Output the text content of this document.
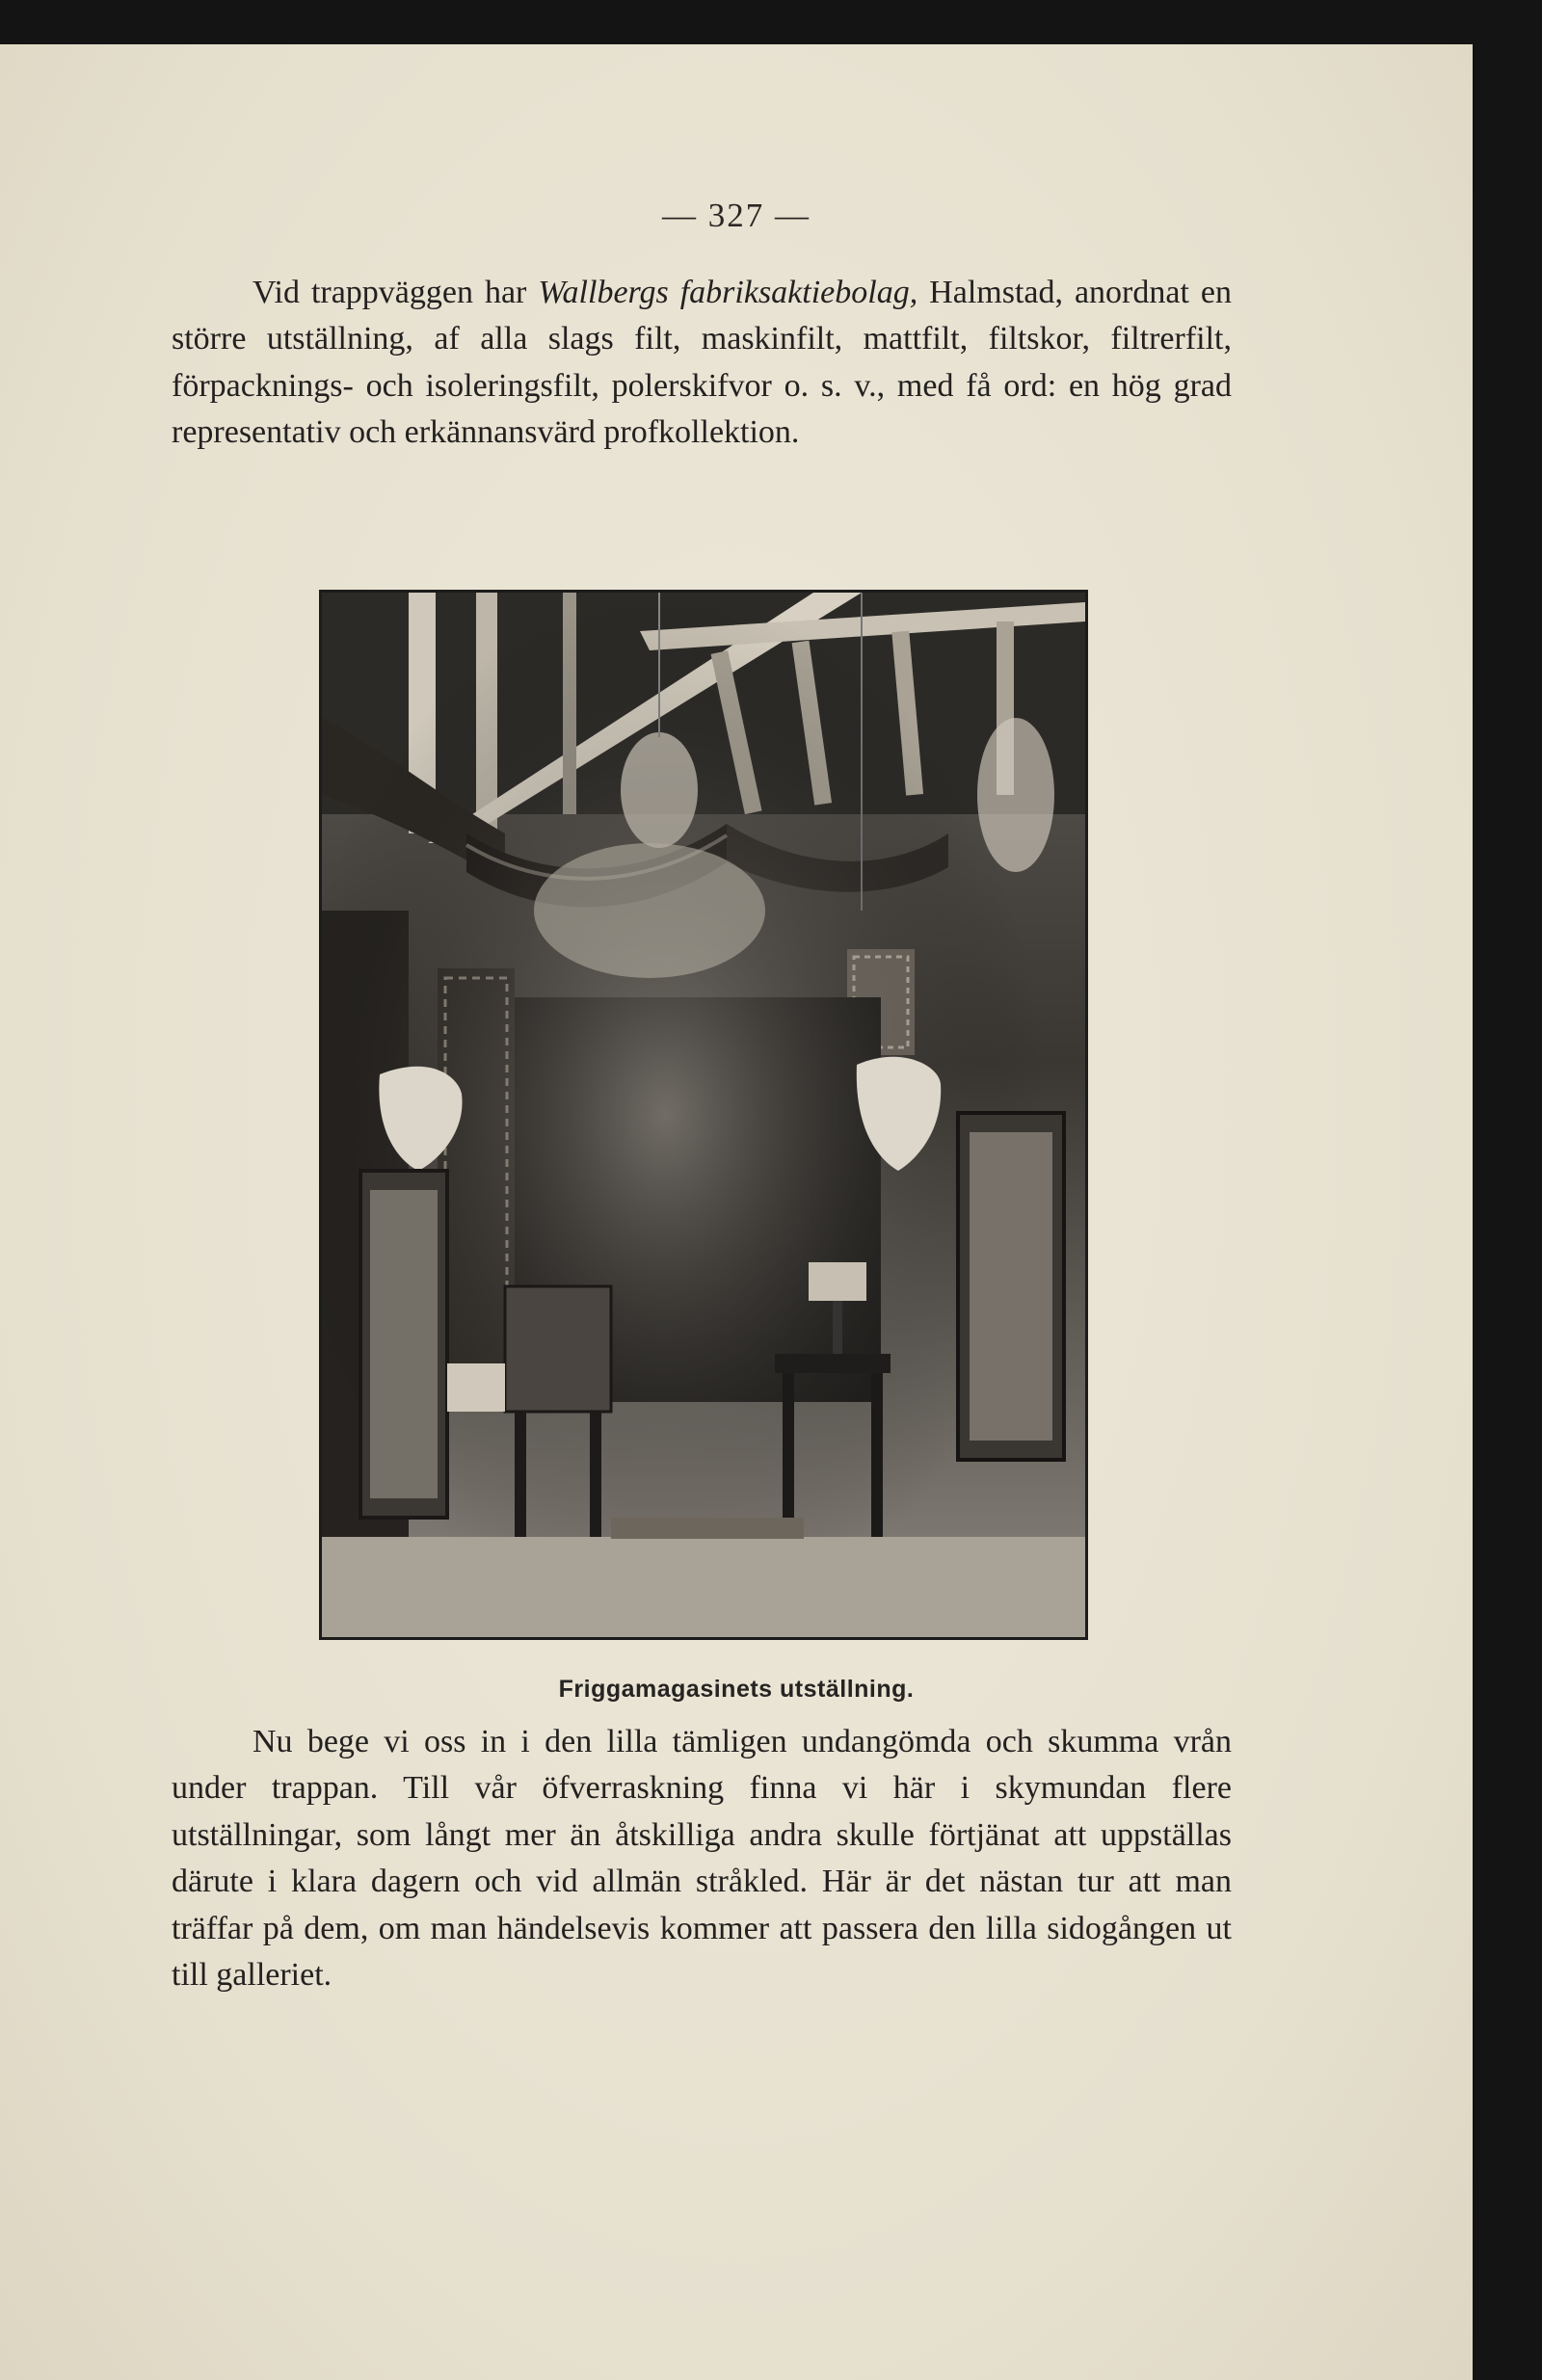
— 327 —

Vid trappväggen har Wallbergs fabriksaktiebolag, Halmstad, anordnat en större utställning, af alla slags filt, maskinfilt, mattfilt, filtskor, filtrerfilt, förpacknings- och isoleringsfilt, polerskifvor o. s. v., med få ord: en hög grad representativ och erkännansvärd profkollektion.

Friggamagasinets utställning.

Nu bege vi oss in i den lilla tämligen undangömda och skumma vrån under trappan. Till vår öfverraskning finna vi här i skymundan flere utställningar, som långt mer än åtskilliga andra skulle förtjänat att uppställas därute i klara dagern och vid allmän stråkled. Här är det nästan tur att man träffar på dem, om man händelsevis kommer att passera den lilla sidogången ut till galleriet.
